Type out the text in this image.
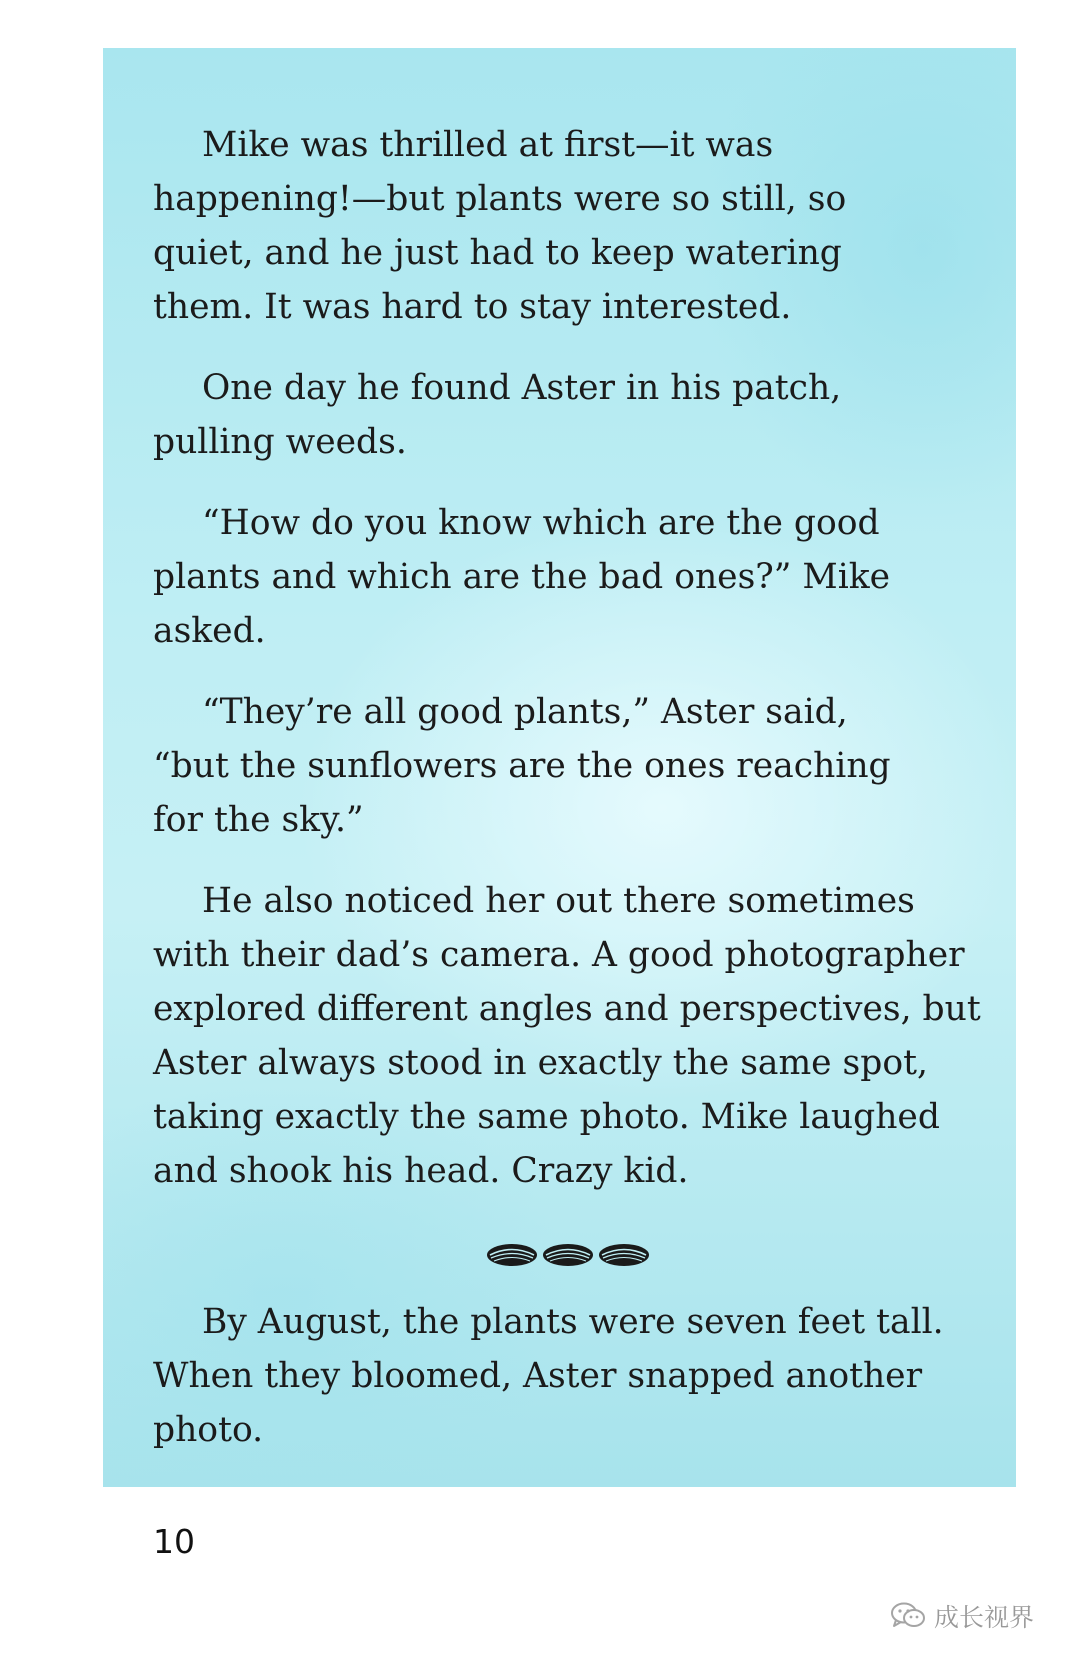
Mike was thrilled at first—it was
happening!—but plants were so still, so
quiet, and he just had to keep watering
them. It was hard to stay interested.

One day he found Aster in his patch,
pulling weeds.

“How do you know which are the good
plants and which are the bad ones?” Mike asked.

“They’re all good plants,” Aster said,
“but the sunflowers are the ones reaching
for the sky.”

He also noticed her out there sometimes
with their dad’s camera. A good photographer
explored different angles and perspectives, but
Aster always stood in exactly the same spot,
taking exactly the same photo. Mike laughed
and shook his head. Crazy kid.

By August, the plants were seven feet tall.
When they bloomed, Aster snapped another
photo.

10
成长视界
